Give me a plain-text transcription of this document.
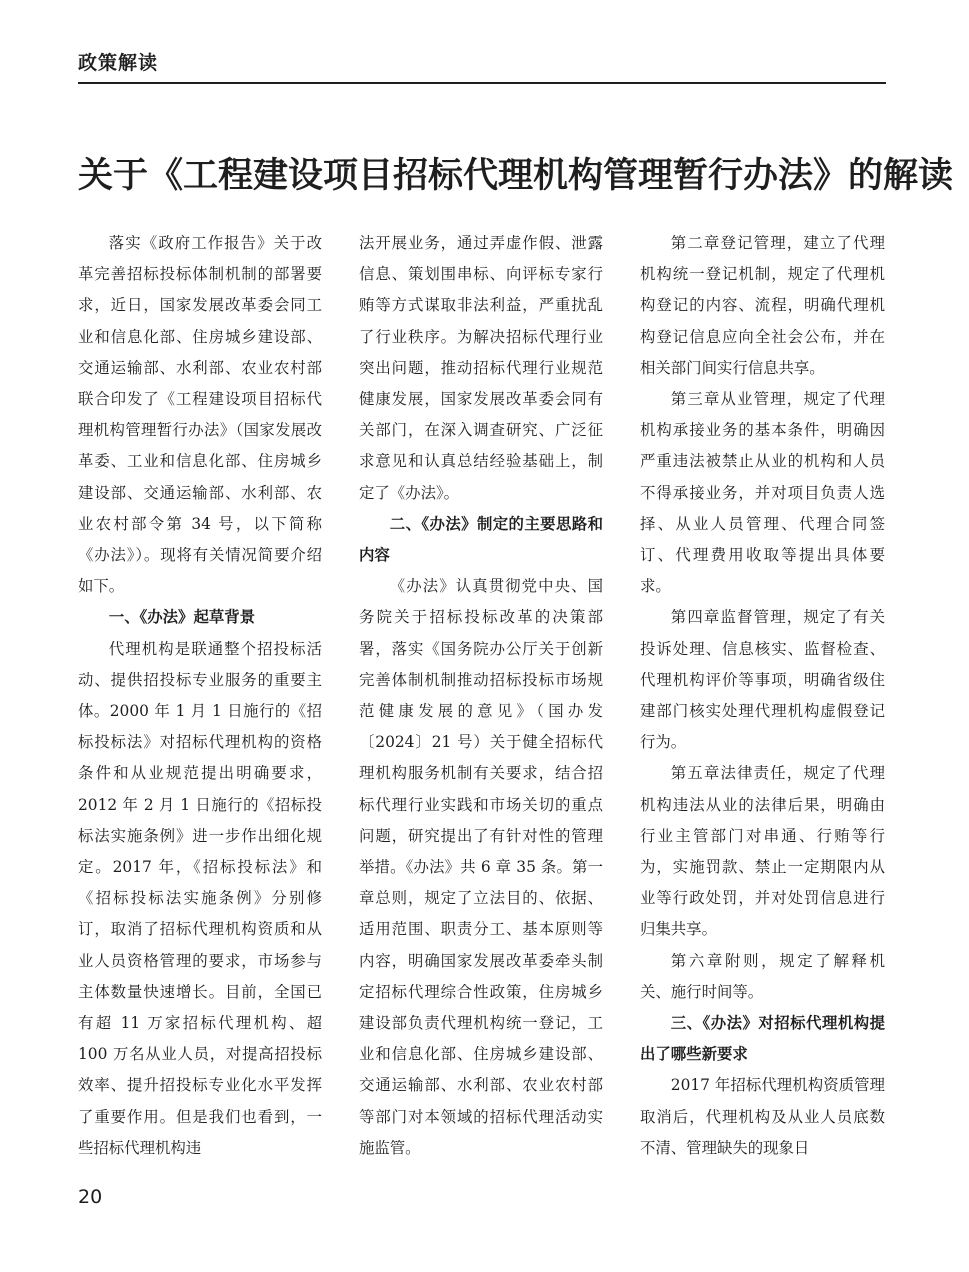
政策解读
关于《工程建设项目招标代理机构管理暂行办法》的解读

落实《政府工作报告》关于改革完善招标投标体制机制的部署要求，近日，国家发展改革委会同工业和信息化部、住房城乡建设部、交通运输部、水利部、农业农村部联合印发了《工程建设项目招标代理机构管理暂行办法》（国家发展改革委、工业和信息化部、住房城乡建设部、交通运输部、水利部、农业农村部令第 34 号，以下简称《办法》）。现将有关情况简要介绍如下。

一、《办法》起草背景

代理机构是联通整个招投标活动、提供招投标专业服务的重要主体。2000 年 1 月 1 日施行的《招标投标法》对招标代理机构的资格条件和从业规范提出明确要求，2012 年 2 月 1 日施行的《招标投标法实施条例》进一步作出细化规定。2017 年，《招标投标法》和《招标投标法实施条例》分别修订，取消了招标代理机构资质和从业人员资格管理的要求，市场参与主体数量快速增长。目前，全国已有超 11 万家招标代理机构、超 100 万名从业人员，对提高招投标效率、提升招投标专业化水平发挥了重要作用。但是我们也看到，一些招标代理机构违

法开展业务，通过弄虚作假、泄露信息、策划围串标、向评标专家行贿等方式谋取非法利益，严重扰乱了行业秩序。为解决招标代理行业突出问题，推动招标代理行业规范健康发展，国家发展改革委会同有关部门，在深入调查研究、广泛征求意见和认真总结经验基础上，制定了《办法》。

二、《办法》制定的主要思路和内容

《办法》认真贯彻党中央、国务院关于招标投标改革的决策部署，落实《国务院办公厅关于创新完善体制机制推动招标投标市场规范健康发展的意见》（国办发〔2024〕21 号）关于健全招标代理机构服务机制有关要求，结合招标代理行业实践和市场关切的重点问题，研究提出了有针对性的管理举措。《办法》共 6 章 35 条。第一章总则，规定了立法目的、依据、适用范围、职责分工、基本原则等内容，明确国家发展改革委牵头制定招标代理综合性政策，住房城乡建设部负责代理机构统一登记，工业和信息化部、住房城乡建设部、交通运输部、水利部、农业农村部等部门对本领域的招标代理活动实施监管。

第二章登记管理，建立了代理机构统一登记机制，规定了代理机构登记的内容、流程，明确代理机构登记信息应向全社会公布，并在相关部门间实行信息共享。

第三章从业管理，规定了代理机构承接业务的基本条件，明确因严重违法被禁止从业的机构和人员不得承接业务，并对项目负责人选择、从业人员管理、代理合同签订、代理费用收取等提出具体要求。

第四章监督管理，规定了有关投诉处理、信息核实、监督检查、代理机构评价等事项，明确省级住建部门核实处理代理机构虚假登记行为。

第五章法律责任，规定了代理机构违法从业的法律后果，明确由行业主管部门对串通、行贿等行为，实施罚款、禁止一定期限内从业等行政处罚，并对处罚信息进行归集共享。

第六章附则，规定了解释机关、施行时间等。

三、《办法》对招标代理机构提出了哪些新要求

2017 年招标代理机构资质管理取消后，代理机构及从业人员底数不清、管理缺失的现象日

20
